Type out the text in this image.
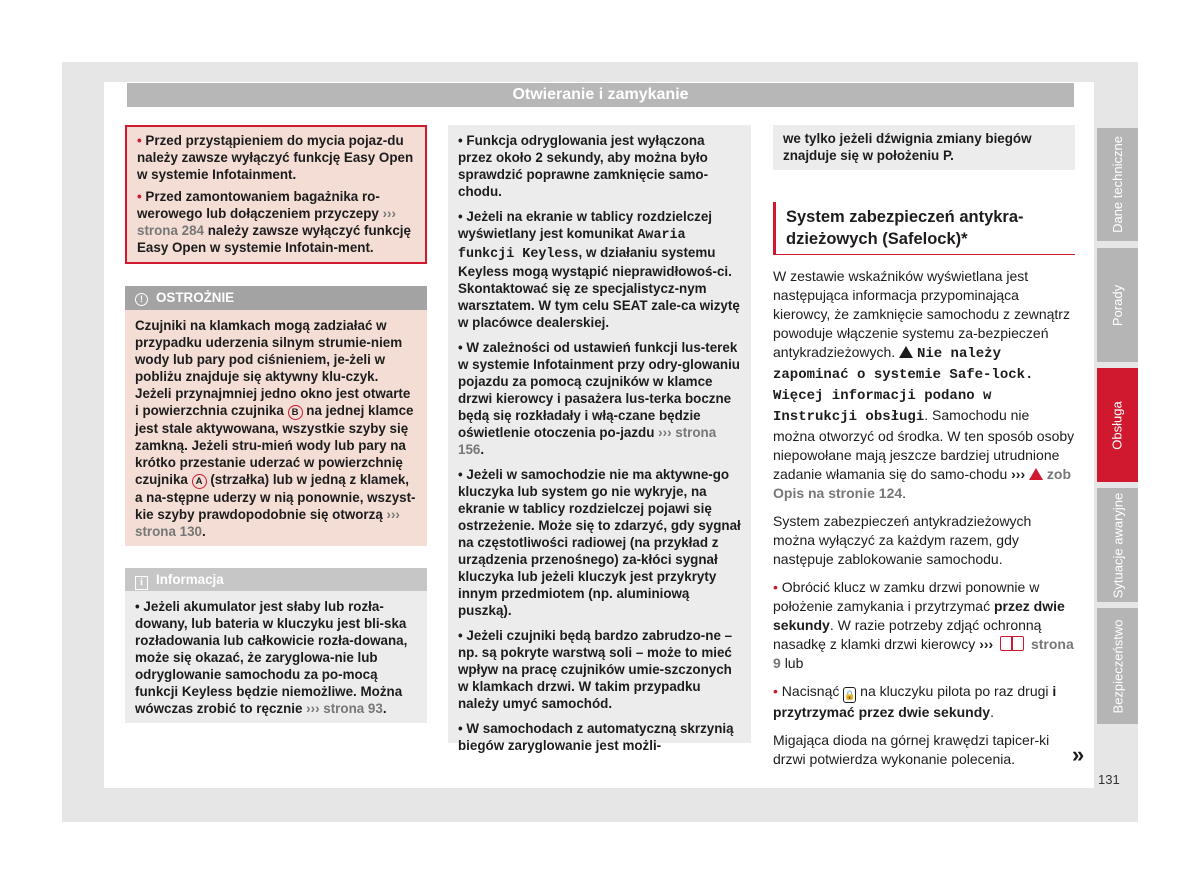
Otwieranie i zamykanie

• Przed przystąpieniem do mycia pojaz-du należy zawsze wyłączyć funkcję Easy Open w systemie Infotainment.

• Przed zamontowaniem bagażnika ro-werowego lub dołączeniem przyczepy ››› strona 284 należy zawsze wyłączyć funkcję Easy Open w systemie Infotain-ment.

! OSTROŻNIE
Czujniki na klamkach mogą zadziałać w przypadku uderzenia silnym strumie-niem wody lub pary pod ciśnieniem, je-żeli w pobliżu znajduje się aktywny klu-czyk. Jeżeli przynajmniej jedno okno jest otwarte i powierzchnia czujnika B na jednej klamce jest stale aktywowana, wszystkie szyby się zamkną. Jeżeli stru-mień wody lub pary na krótko przestanie uderzać w powierzchnię czujnika A (strzałka) lub w jedną z klamek, a na-stępne uderzy w nią ponownie, wszyst-kie szyby prawdopodobnie się otworzą ››› strona 130.
i Informacja
• Jeżeli akumulator jest słaby lub rozła-dowany, lub bateria w kluczyku jest bli-ska rozładowania lub całkowicie rozła-dowana, może się okazać, że zaryglowa-nie lub odryglowanie samochodu za po-mocą funkcji Keyless będzie niemożliwe. Można wówczas zrobić to ręcznie ››› strona 93.

• Funkcja odryglowania jest wyłączona przez około 2 sekundy, aby można było sprawdzić poprawne zamknięcie samo-chodu.

• Jeżeli na ekranie w tablicy rozdzielczej wyświetlany jest komunikat Awaria funkcji Keyless, w działaniu systemu Keyless mogą wystąpić nieprawidłowoś-ci. Skontaktować się ze specjalistycz-nym warsztatem. W tym celu SEAT zale-ca wizytę w placówce dealerskiej.

• W zależności od ustawień funkcji lus-terek w systemie Infotainment przy odry-glowaniu pojazdu za pomocą czujników w klamce drzwi kierowcy i pasażera lus-terka boczne będą się rozkładały i włą-czane będzie oświetlenie otoczenia po-jazdu ››› strona 156.

• Jeżeli w samochodzie nie ma aktywne-go kluczyka lub system go nie wykryje, na ekranie w tablicy rozdzielczej pojawi się ostrzeżenie. Może się to zdarzyć, gdy sygnał na częstotliwości radiowej (na przykład z urządzenia przenośnego) za-kłóci sygnał kluczyka lub jeżeli kluczyk jest przykryty innym przedmiotem (np. aluminiową puszką).

• Jeżeli czujniki będą bardzo zabrudzo-ne – np. są pokryte warstwą soli – może to mieć wpływ na pracę czujników umie-szczonych w klamkach drzwi. W takim przypadku należy umyć samochód.

• W samochodach z automatyczną skrzynią biegów zaryglowanie jest możli-

we tylko jeżeli dźwignia zmiany biegów znajduje się w położeniu P.
System zabezpieczeń antykra-dzieżowych (Safelock)*

W zestawie wskaźników wyświetlana jest następująca informacja przypominająca kierowcy, że zamknięcie samochodu z zewnątrz powoduje włączenie systemu za-bezpieczeń antykradzieżowych. Nie należy zapominać o systemie Safe-lock. Więcej informacji podano w Instrukcji obsługi. Samochodu nie można otworzyć od środka. W ten sposób osoby niepowołane mają jeszcze bardziej utrudnione zadanie włamania się do samo-chodu ››› zob Opis na stronie 124.

System zabezpieczeń antykradzieżowych można wyłączyć za każdym razem, gdy następuje zablokowanie samochodu.

• Obrócić klucz w zamku drzwi ponownie w położenie zamykania i przytrzymać przez dwie sekundy. W razie potrzeby zdjąć ochronną nasadkę z klamki drzwi kierowcy ›››	strona 9 lub

• Nacisnąć 🔒 na kluczyku pilota po raz drugi i przytrzymać przez dwie sekundy.

Migająca dioda na górnej krawędzi tapicer-ki drzwi potwierdza wykonanie polecenia.	»
131
Dane techniczne
Porady
Obsługa
Sytuacje awaryjne
Bezpieczeństwo
